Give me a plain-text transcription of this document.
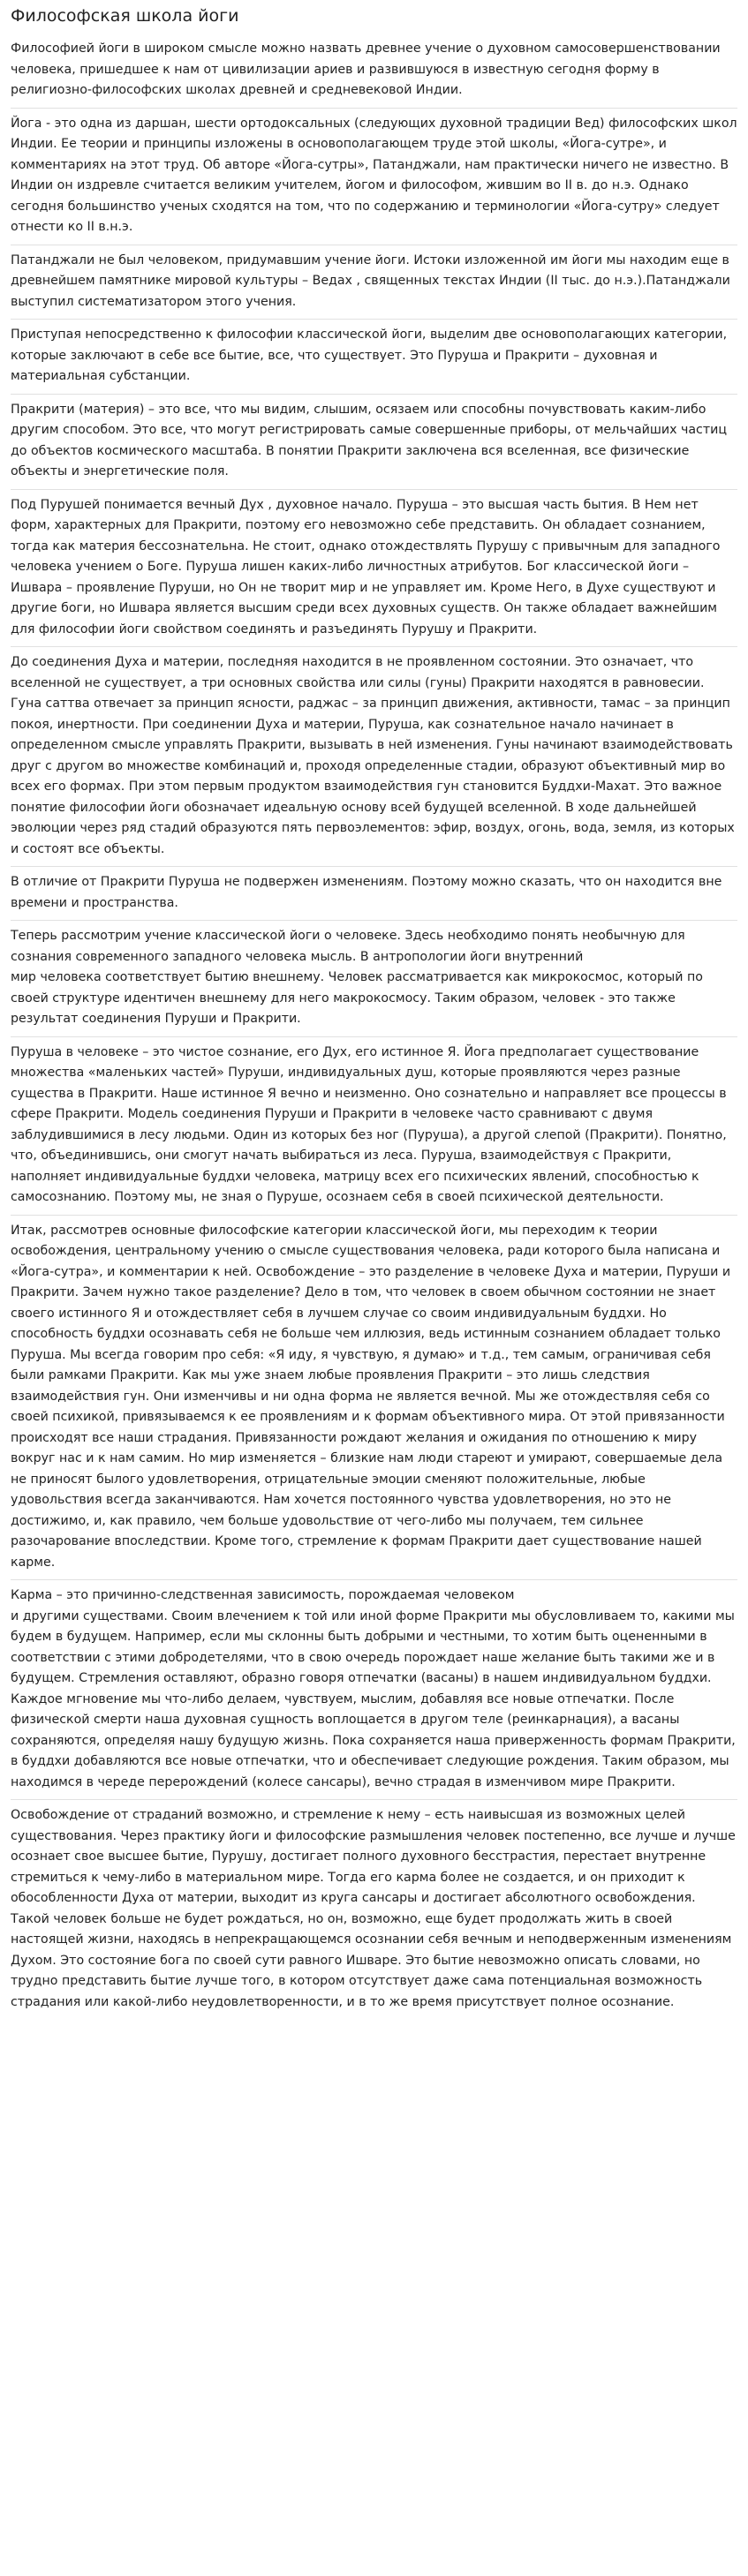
Философская школа йоги

Философией йоги в широком смысле можно назвать древнее учение о духовном самосовершенствовании человека, пришедшее к нам от цивилизации ариев и развившуюся в известную сегодня форму в религиозно-философских школах древней и средневековой Индии.

Йога - это одна из даршан, шести ортодоксальных (следующих духовной традиции Вед) философских школ Индии. Ее теории и принципы изложены в основополагающем труде этой школы, «Йога-сутре», и комментариях на этот труд. Об авторе «Йога-сутры», Патанджали, нам практически ничего не известно. В Индии он издревле считается великим учителем, йогом и философом, жившим во II в. до н.э. Однако сегодня большинство ученых сходятся на том, что по содержанию и терминологии «Йога-сутру» следует отнести ко II в.н.э.

Патанджали не был человеком, придумавшим учение йоги. Истоки изложенной им йоги мы находим еще в древнейшем памятнике мировой культуры – Ведах , священных текстах Индии (II тыс. до н.э.).Патанджали выступил систематизатором этого учения.

Приступая непосредственно к философии классической йоги, выделим две основополагающих категории, которые заключают в себе все бытие, все, что существует. Это Пуруша и Пракрити – духовная и материальная субстанции.

Пракрити (материя) – это все, что мы видим, слышим, осязаем или способны почувствовать каким-либо другим способом. Это все, что могут регистрировать самые совершенные приборы, от мельчайших частиц до объектов космического масштаба. В понятии Пракрити заключена вся вселенная, все физические объекты и энергетические поля.

Под Пурушей понимается вечный Дух , духовное начало. Пуруша – это высшая часть бытия. В Нем нет форм, характерных для Пракрити, поэтому его невозможно себе представить. Он обладает сознанием, тогда как материя бессознательна. Не стоит, однако отождествлять Пурушу с привычным для западного человека учением о Боге. Пуруша лишен каких-либо личностных атрибутов. Бог классической йоги – Ишвара – проявление Пуруши, но Он не творит мир и не управляет им. Кроме Него, в Духе существуют и другие боги, но Ишвара является высшим среди всех духовных существ. Он также обладает важнейшим для философии йоги свойством соединять и разъединять Пурушу и Пракрити.

До соединения Духа и материи, последняя находится в не проявленном состоянии. Это означает, что вселенной не существует, а три основных свойства или силы (гуны) Пракрити находятся в равновесии. Гуна саттва отвечает за принцип ясности, раджас – за принцип движения, активности, тамас – за принцип покоя, инертности. При соединении Духа и материи, Пуруша, как сознательное начало начинает в определенном смысле управлять Пракрити, вызывать в ней изменения. Гуны начинают взаимодействовать друг с другом во множестве комбинаций и, проходя определенные стадии, образуют объективный мир во всех его формах. При этом первым продуктом взаимодействия гун становится Буддхи-Махат. Это важное понятие философии йоги обозначает идеальную основу всей будущей вселенной. В ходе дальнейшей эволюции через ряд стадий образуются пять первоэлементов: эфир, воздух, огонь, вода, земля, из которых и состоят все объекты.

В отличие от Пракрити Пуруша не подвержен изменениям. Поэтому можно сказать, что он находится вне времени и пространства.

Теперь рассмотрим учение классической йоги о человеке. Здесь необходимо понять необычную для сознания современного западного человека мысль. В антропологии йоги внутренний
мир человека соответствует бытию внешнему. Человек рассматривается как микрокосмос, который по своей структуре идентичен внешнему для него макрокосмосу. Таким образом, человек - это также результат соединения Пуруши и Пракрити.

Пуруша в человеке – это чистое сознание, его Дух, его истинное Я. Йога предполагает существование множества «маленьких частей» Пуруши, индивидуальных душ, которые проявляются через разные существа в Пракрити. Наше истинное Я вечно и неизменно. Оно сознательно и направляет все процессы в сфере Пракрити. Модель соединения Пуруши и Пракрити в человеке часто сравнивают с двумя заблудившимися в лесу людьми. Один из которых без ног (Пуруша), а другой слепой (Пракрити). Понятно, что, объединившись, они смогут начать выбираться из леса. Пуруша, взаимодействуя с Пракрити, наполняет индивидуальные буддхи человека, матрицу всех его психических явлений, способностью к самосознанию. Поэтому мы, не зная о Пуруше, осознаем себя в своей психической деятельности.

Итак, рассмотрев основные философские категории классической йоги, мы переходим к теории освобождения, центральному учению о смысле существования человека, ради которого была написана и «Йога-сутра», и комментарии к ней. Освобождение – это разделение в человеке Духа и материи, Пуруши и Пракрити. Зачем нужно такое разделение? Дело в том, что человек в своем обычном состоянии не знает своего истинного Я и отождествляет себя в лучшем случае со своим индивидуальным буддхи. Но способность буддхи осознавать себя не больше чем иллюзия, ведь истинным сознанием обладает только Пуруша. Мы всегда говорим про себя: «Я иду, я чувствую, я думаю» и т.д., тем самым, ограничивая себя были рамками Пракрити. Как мы уже знаем любые проявления Пракрити – это лишь следствия взаимодействия гун. Они изменчивы и ни одна форма не является вечной. Мы же отождествляя себя со своей психикой, привязываемся к ее проявлениям и к формам объективного мира. От этой привязанности происходят все наши страдания. Привязанности рождают желания и ожидания по отношению к миру вокруг нас и к нам самим. Но мир изменяется – близкие нам люди стареют и умирают, совершаемые дела не приносят былого удовлетворения, отрицательные эмоции сменяют положительные, любые удовольствия всегда заканчиваются. Нам хочется постоянного чувства удовлетворения, но это не достижимо, и, как правило, чем больше удовольствие от чего-либо мы получаем, тем сильнее разочарование впоследствии. Кроме того, стремление к формам Пракрити дает существование нашей карме.

Карма – это причинно-следственная зависимость, порождаемая человеком
и другими существами. Своим влечением к той или иной форме Пракрити мы обусловливаем то, какими мы будем в будущем. Например, если мы склонны быть добрыми и честными, то хотим быть оцененными в соответствии с этими добродетелями, что в свою очередь порождает наше желание быть такими же и в будущем. Стремления оставляют, образно говоря отпечатки (васаны) в нашем индивидуальном буддхи. Каждое мгновение мы что-либо делаем, чувствуем, мыслим, добавляя все новые отпечатки. После физической смерти наша духовная сущность воплощается в другом теле (реинкарнация), а васаны сохраняются, определяя нашу будущую жизнь. Пока сохраняется наша приверженность формам Пракрити, в буддхи добавляются все новые отпечатки, что и обеспечивает следующие рождения. Таким образом, мы находимся в череде перерождений (колесе сансары), вечно страдая в изменчивом мире Пракрити.

Освобождение от страданий возможно, и стремление к нему – есть наивысшая из возможных целей существования. Через практику йоги и философские размышления человек постепенно, все лучше и лучше осознает свое высшее бытие, Пурушу, достигает полного духовного бесстрастия, перестает внутренне стремиться к чему-либо в материальном мире. Тогда его карма более не создается, и он приходит к обособленности Духа от материи, выходит из круга сансары и достигает абсолютного освобождения. Такой человек больше не будет рождаться, но он, возможно, еще будет продолжать жить в своей настоящей жизни, находясь в непрекращающемся осознании себя вечным и неподверженным изменениям Духом. Это состояние бога по своей сути равного Ишваре. Это бытие невозможно описать словами, но трудно представить бытие лучше того, в котором отсутствует даже сама потенциальная возможность страдания или какой-либо неудовлетворенности, и в то же время присутствует полное осознание.
